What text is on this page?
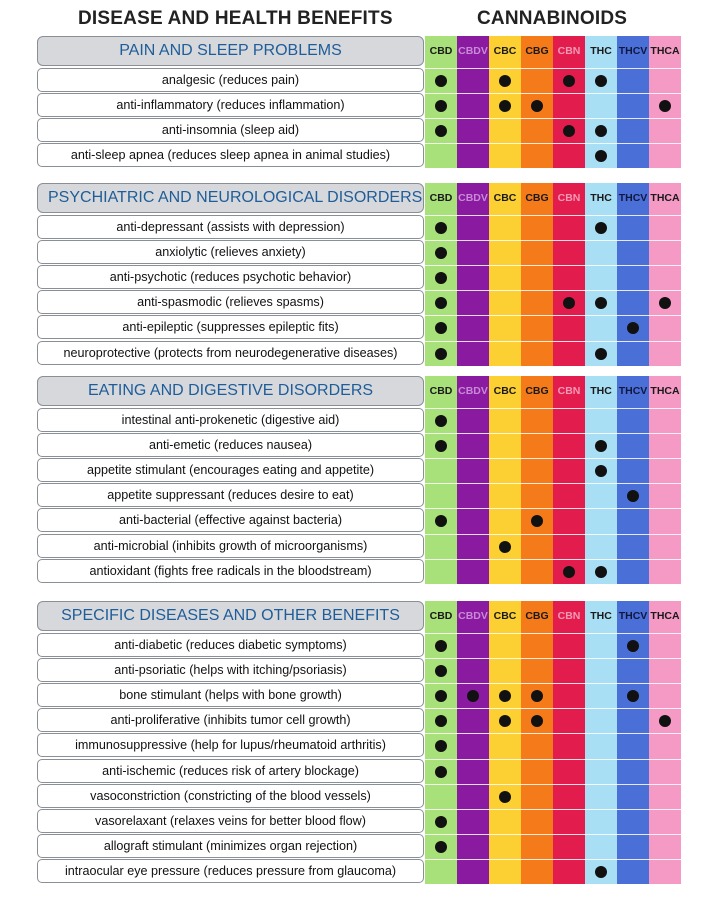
DISEASE AND HEALTH BENEFITS	CANNABINOIDS
CBD CBDV CBC CBG CBN THC THCV THCA
PAIN AND SLEEP PROBLEMS
analgesic (reduces pain)
anti-inflammatory (reduces inflammation)
anti-insomnia (sleep aid)
anti-sleep apnea (reduces sleep apnea in animal studies)
CBD CBDV CBC CBG CBN THC THCV THCA
PSYCHIATRIC AND NEUROLOGICAL DISORDERS
anti-depressant (assists with depression)
anxiolytic (relieves anxiety)
anti-psychotic (reduces psychotic behavior)
anti-spasmodic (relieves spasms)
anti-epileptic (suppresses epileptic fits)
neuroprotective (protects from neurodegenerative diseases)
CBD CBDV CBC CBG CBN THC THCV THCA
EATING AND DIGESTIVE DISORDERS
intestinal anti-prokenetic (digestive aid)
anti-emetic (reduces nausea)
appetite stimulant (encourages eating and appetite)
appetite suppressant (reduces desire to eat)
anti-bacterial (effective against bacteria)
anti-microbial (inhibits growth of microorganisms)
antioxidant (fights free radicals in the bloodstream)
CBD CBDV CBC CBG CBN THC THCV THCA
SPECIFIC DISEASES AND OTHER BENEFITS
anti-diabetic (reduces diabetic symptoms)
anti-psoriatic (helps with itching/psoriasis)
bone stimulant (helps with bone growth)
anti-proliferative (inhibits tumor cell growth)
immunosuppressive (help for lupus/rheumatoid arthritis)
anti-ischemic (reduces risk of artery blockage)
vasoconstriction (constricting of the blood vessels)
vasorelaxant (relaxes veins for better blood flow)
allograft stimulant (minimizes organ rejection)
intraocular eye pressure (reduces pressure from glaucoma)
